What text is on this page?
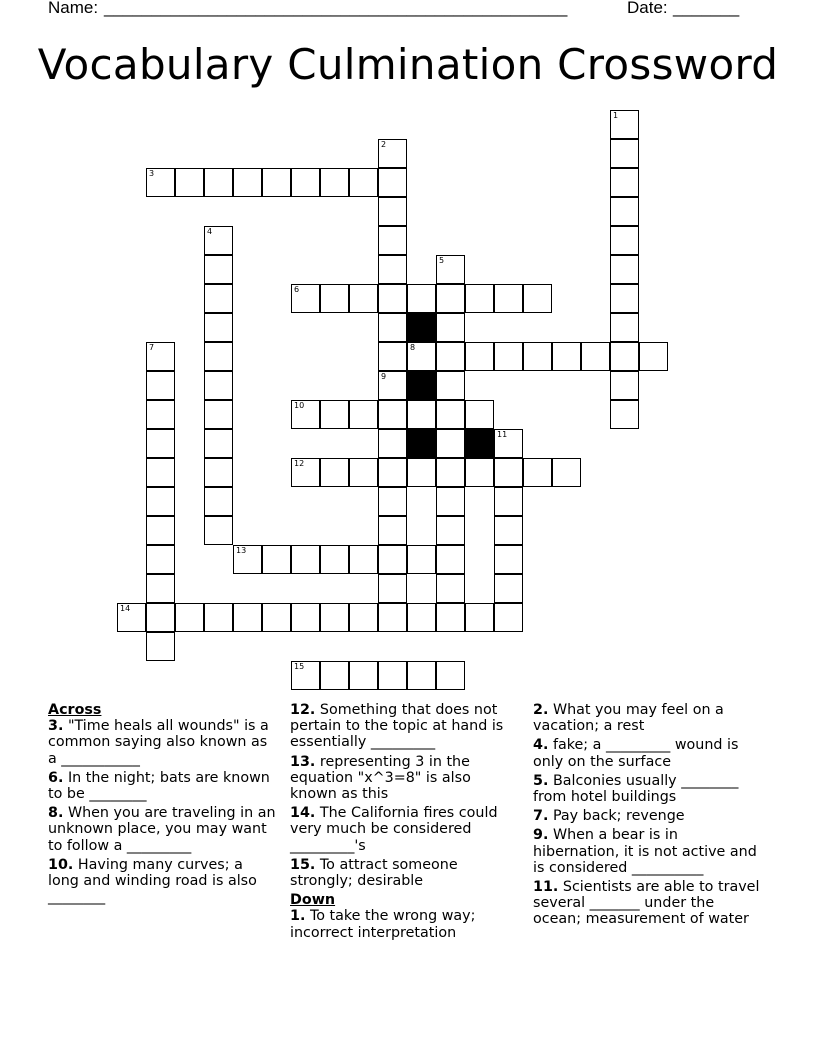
Name: _________________________________________________	Date: _______
Vocabulary Culmination Crossword
1
2
9
3
4
5
6
7	8
10
11
12
13
14
15

Across

3. "Time heals all wounds" is a common saying also known as a ___________

6. In the night; bats are known to be ________

8. When you are traveling in an unknown place, you may want to follow a _________

10. Having many curves; a long and winding road is also ________

12. Something that does not pertain to the topic at hand is essentially _________

13. representing 3 in the equation "x^3=8" is also known as this

14. The California fires could very much be considered _________'s

15. To attract someone strongly; desirable

Down

1. To take the wrong way; incorrect interpretation

2. What you may feel on a vacation; a rest

4. fake; a _________ wound is only on the surface

5. Balconies usually ________ from hotel buildings

7. Pay back; revenge

9. When a bear is in hibernation, it is not active and is considered __________

11. Scientists are able to travel several _______ under the ocean; measurement of water
